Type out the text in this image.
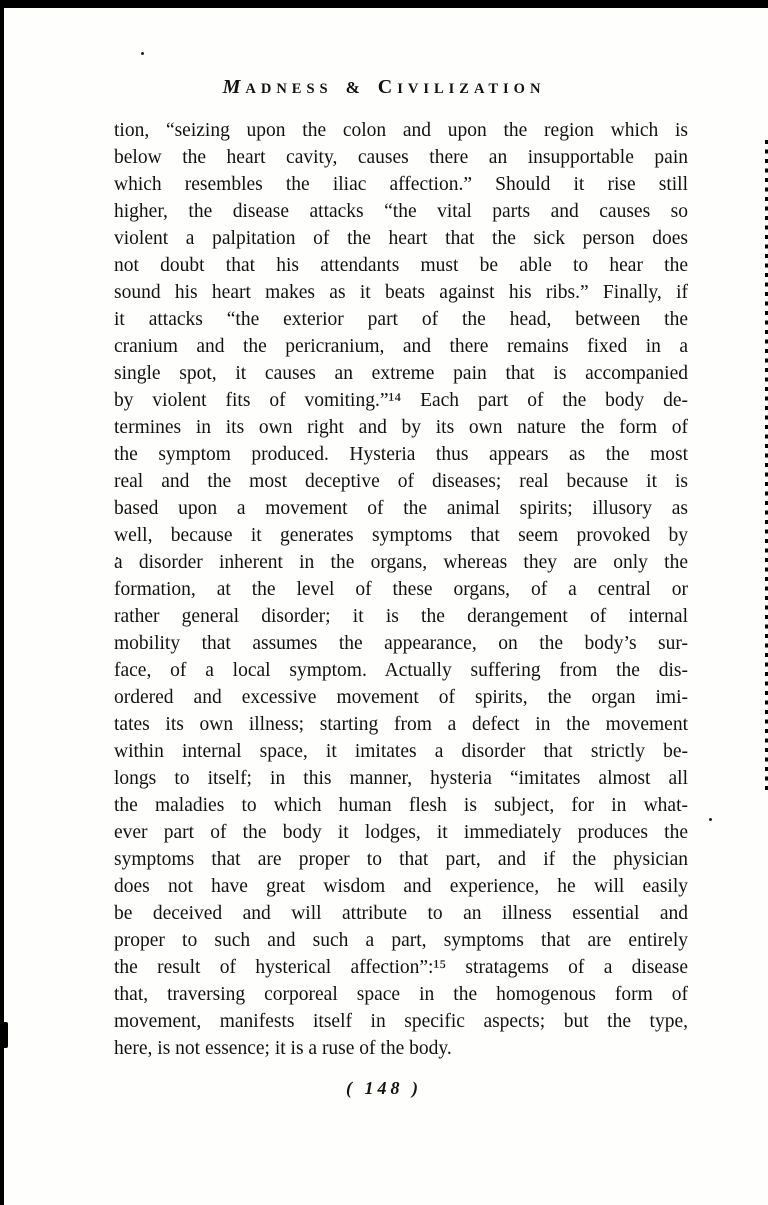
MADNESS & CIVILIZATION
tion, “seizing upon the colon and upon the region which is
below the heart cavity, causes there an insupportable pain
which resembles the iliac affection.” Should it rise still
higher, the disease attacks “the vital parts and causes so
violent a palpitation of the heart that the sick person does
not doubt that his attendants must be able to hear the
sound his heart makes as it beats against his ribs.” Finally, if
it attacks “the exterior part of the head, between the
cranium and the pericranium, and there remains fixed in a
single spot, it causes an extreme pain that is accompanied
by violent fits of vomiting.”¹⁴ Each part of the body de-
termines in its own right and by its own nature the form of
the symptom produced. Hysteria thus appears as the most
real and the most deceptive of diseases; real because it is
based upon a movement of the animal spirits; illusory as
well, because it generates symptoms that seem provoked by
a disorder inherent in the organs, whereas they are only the
formation, at the level of these organs, of a central or
rather general disorder; it is the derangement of internal
mobility that assumes the appearance, on the body’s sur-
face, of a local symptom. Actually suffering from the dis-
ordered and excessive movement of spirits, the organ imi-
tates its own illness; starting from a defect in the movement
within internal space, it imitates a disorder that strictly be-
longs to itself; in this manner, hysteria “imitates almost all
the maladies to which human flesh is subject, for in what-
ever part of the body it lodges, it immediately produces the
symptoms that are proper to that part, and if the physician
does not have great wisdom and experience, he will easily
be deceived and will attribute to an illness essential and
proper to such and such a part, symptoms that are entirely
the result of hysterical affection”:¹⁵ stratagems of a disease
that, traversing corporeal space in the homogenous form of
movement, manifests itself in specific aspects; but the type,
here, is not essence; it is a ruse of the body.
( 148 )
